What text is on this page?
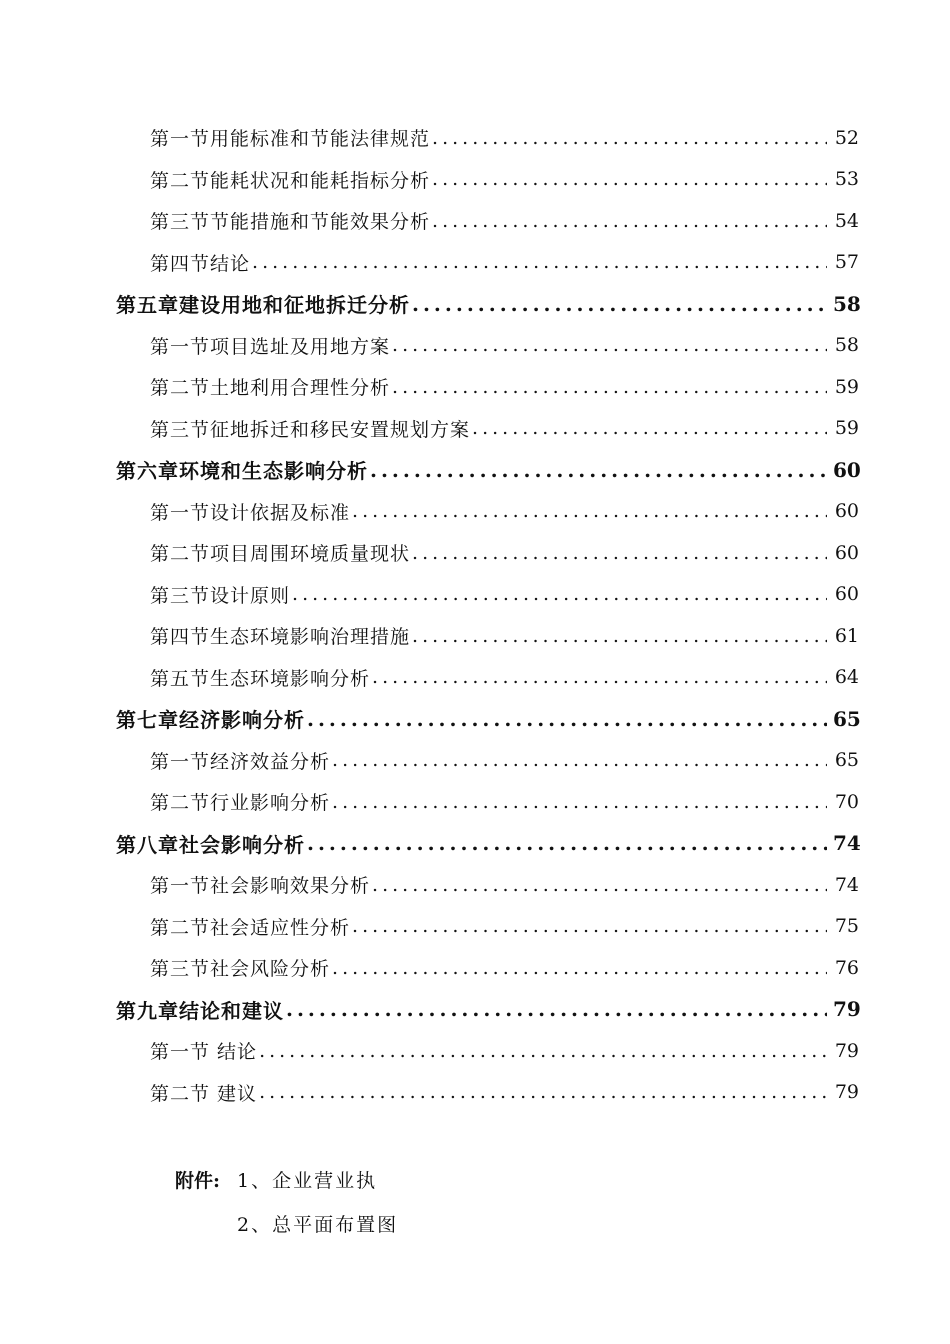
第一节 用能标准和节能法律规范 .....	52
第二节 能耗状况和能耗指标分析 .....	53
第三节 节能措施和节能效果分析 .....	54
第四节 结论 .....	57
第五章 建设用地和征地拆迁分析 .....	58
第一节 项目选址及用地方案 .....	58
第二节 土地利用合理性分析 .....	59
第三节 征地拆迁和移民安置规划方案 .....	59
第六章 环境和生态影响分析 .....	60
第一节 设计依据及标准 .....	60
第二节 项目周围环境质量现状 .....	60
第三节 设计原则 .....	60
第四节 生态环境影响治理措施 .....	61
第五节 生态环境影响分析 .....	64
第七章 经济影响分析 .....	65
第一节 经济效益分析 .....	65
第二节 行业影响分析 .....	70
第八章 社会影响分析 .....	74
第一节 社会影响效果分析 .....	74
第二节 社会适应性分析 .....	75
第三节 社会风险分析 .....	76
第九章 结论和建议 .....	79
第一节 结论 .....	79
第二节 建议 .....	79
附件: 1、企业营业执
2、总平面布置图
